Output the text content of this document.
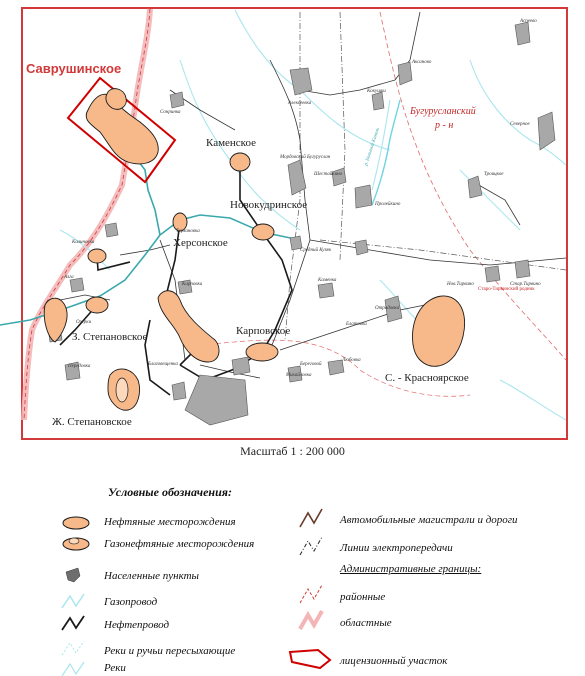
Саврушинское
Бугурусланский
р - н
Старо-Тирвинский родник
р. Большой Кинель
Каменское
Новокудринское
Херсонское
Карповское
З. Степановское
Ж. Степановское
С. - Красноярское
Аспеево
Аксаново
Кокушки
Алексеевка
Северное
Сонринка
Мордовский Бугуруслан
Шестайкино	Троицкое
Пролейкино
Турхановка
Средний Кузяк
Каменка
Калиновка
Алга
Озерки
Карповка	Нов.Тирвино	Стар.Тирвино
Отрадовка
Благовещенка
Передовка
Михайловка
Береговой
Любовка
Елатовка
Масштаб 1 : 200 000
Условные обозначения:
Нефтяные месторождения
Газонефтяные месторождения
Населенные пункты
Газопровод
Нефтепровод
Реки и ручьи пересыхающие
Реки
Автомобильные магистрали и дороги
Линии электропередачи
Административные границы:
районные
областные
лицензионный участок
